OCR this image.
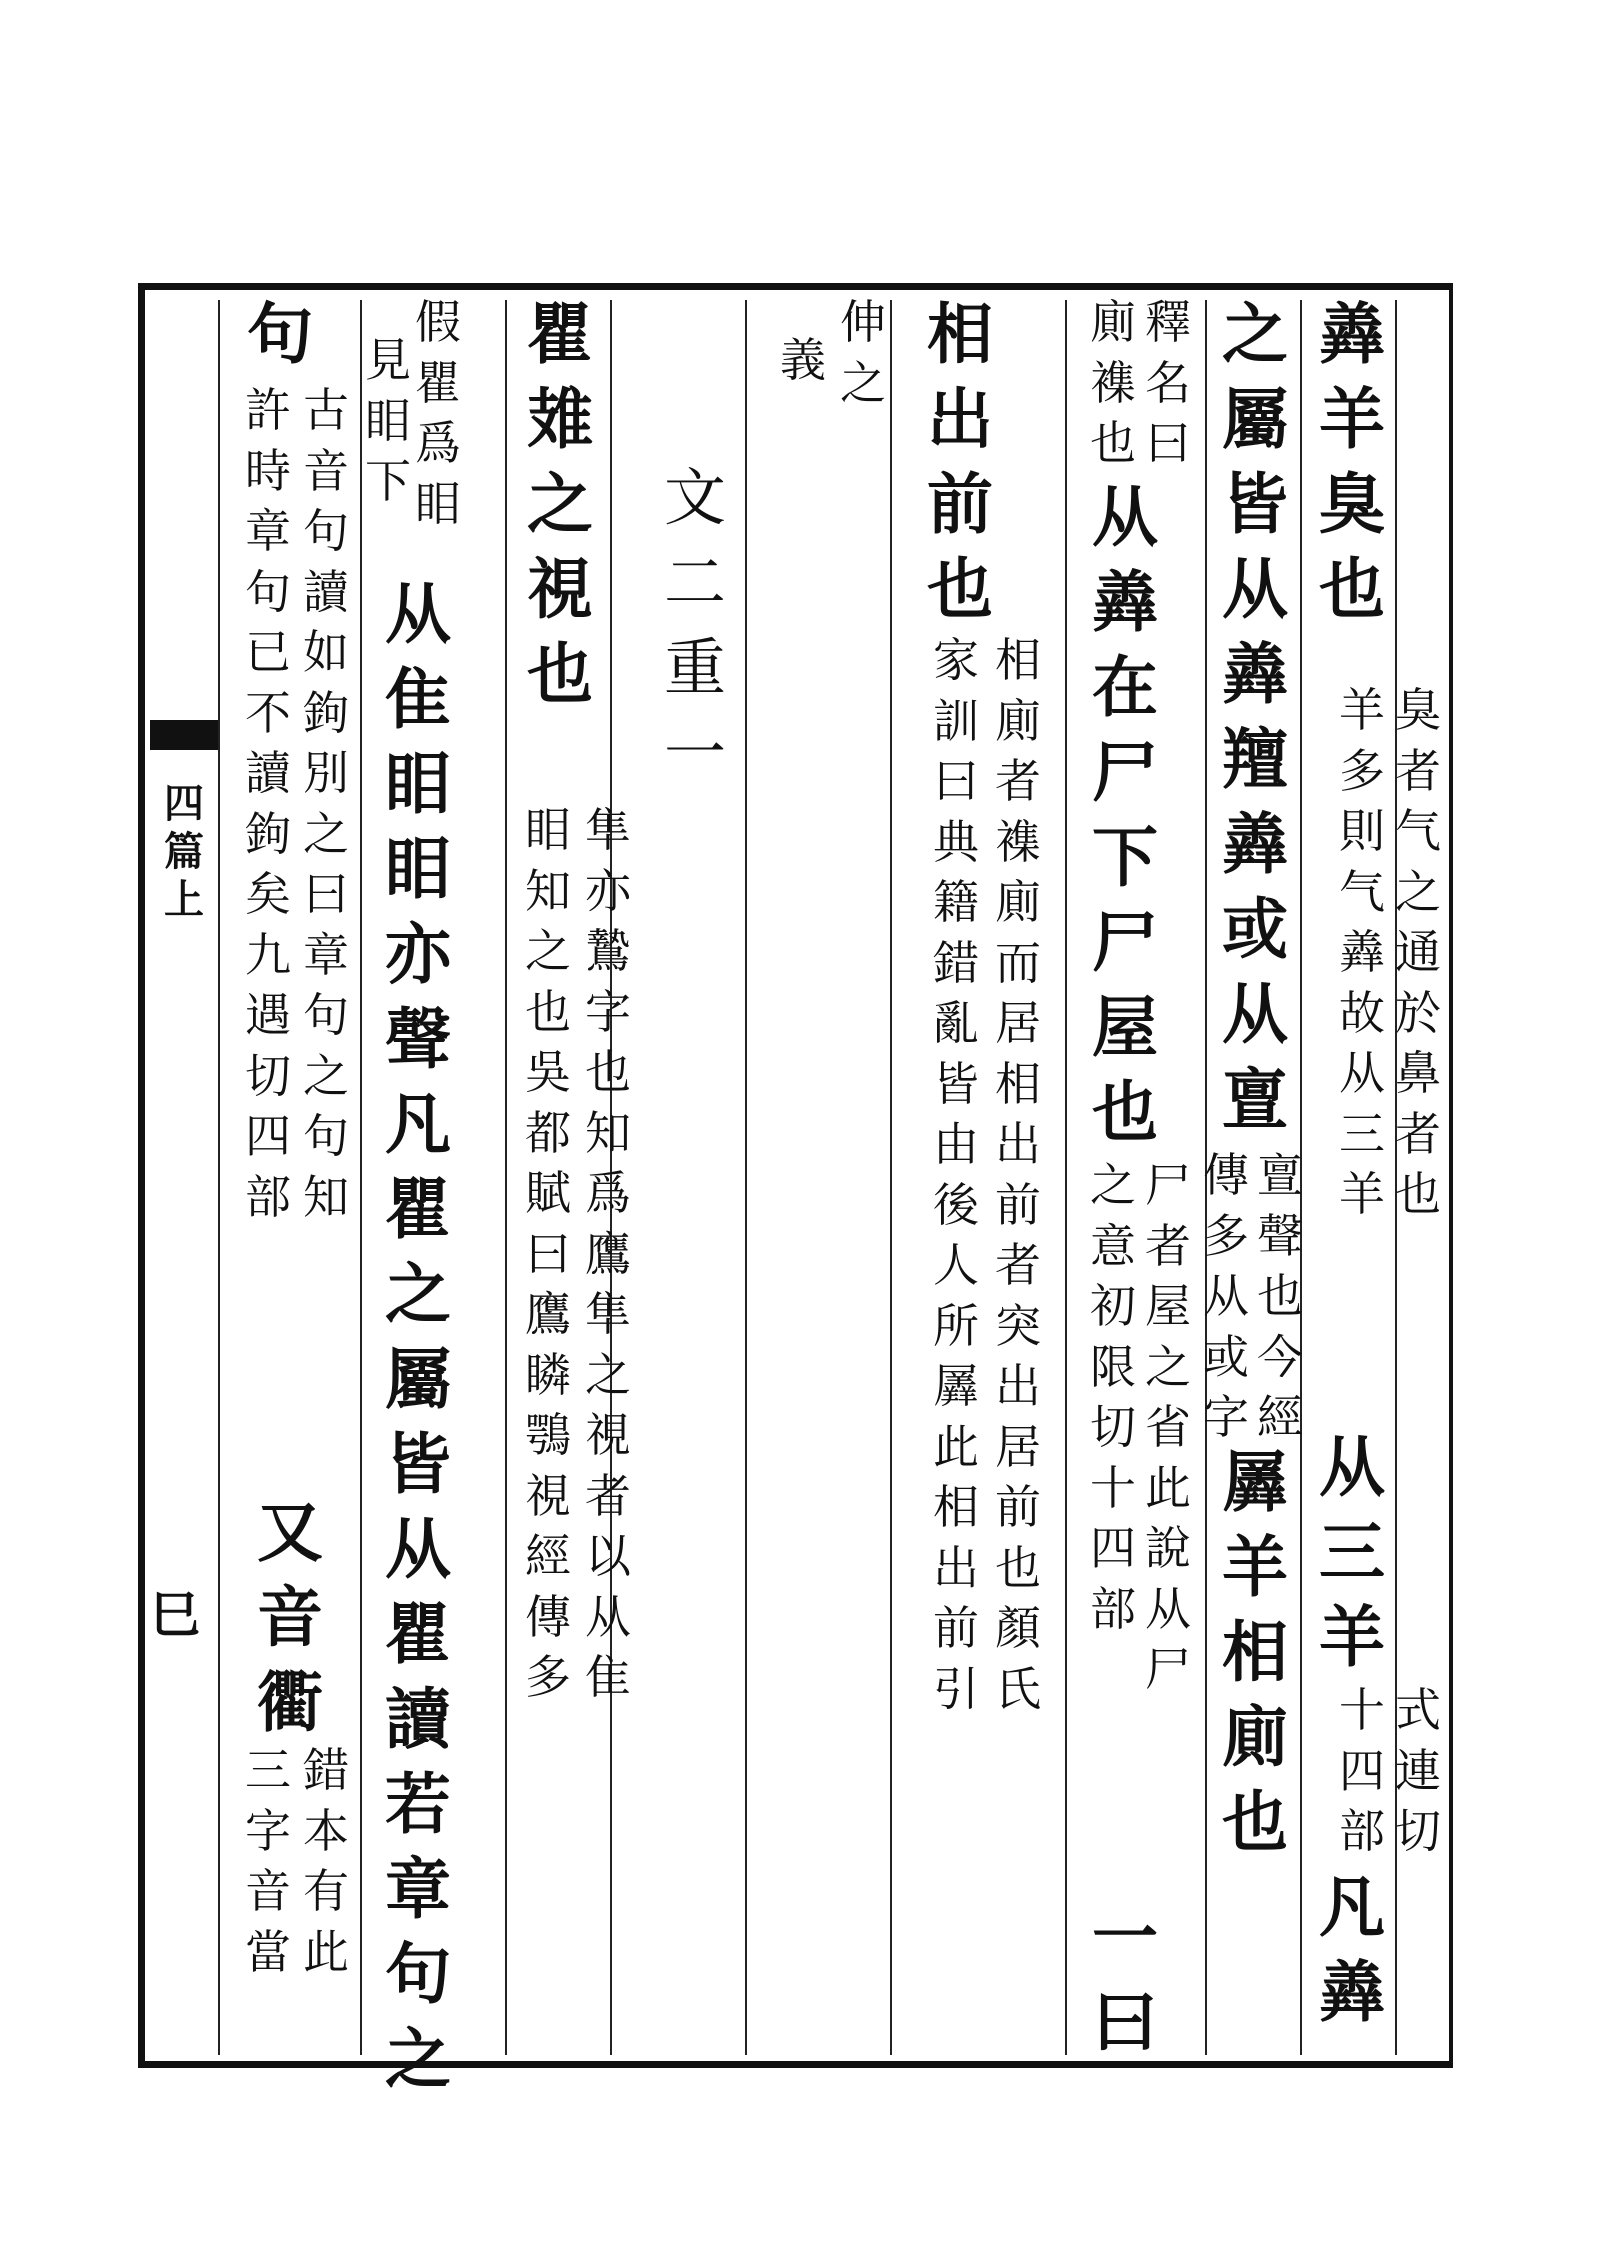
四
篇
上
巳
羴
羊
臭
也
臭
者
气
之
通
於
鼻
者
也
羊
多
則
气
羴
故
从
三
羊
从
三
羊
式
連
切
十
四
部
凡
羴
之
屬
皆
从
羴
羶
羴
或
从
亶
亶
聲
也
今
經
傳
多
从
或
字
羼
羊
相
廁
也
釋
名
曰
廁
襍
也
从
羴
在
尸
下
尸
屋
也
尸
者
屋
之
省
此
說
从
尸
之
意
初
限
切
十
四
部
一
曰
相
出
前
也
相
廁
者
襍
廁
而
居
相
出
前
者
突
出
居
前
也
顏
氏
家
訓
曰
典
籍
錯
亂
皆
由
後
人
所
羼
此
相
出
前
引
伸
之
義
文
二
重
一
瞿
䧴
之
視
也
隼
亦
鷙
字
也
知
爲
鷹
隼
之
視
者
以
从
隹
䀠
知
之
也
吳
都
賦
曰
鷹
瞵
鶚
視
經
傳
多
假
瞿
爲
䀠
見
䀠
下
从
隹
䀠
䀠
亦
聲
凡
瞿
之
屬
皆
从
瞿
讀
若
章
句
之
句
古
音
句
讀
如
鉤
別
之
曰
章
句
之
句
知
許
時
章
句
已
不
讀
鉤
矣
九
遇
切
四
部
又
音
衢
錯
本
有
此
三
字
音
當
